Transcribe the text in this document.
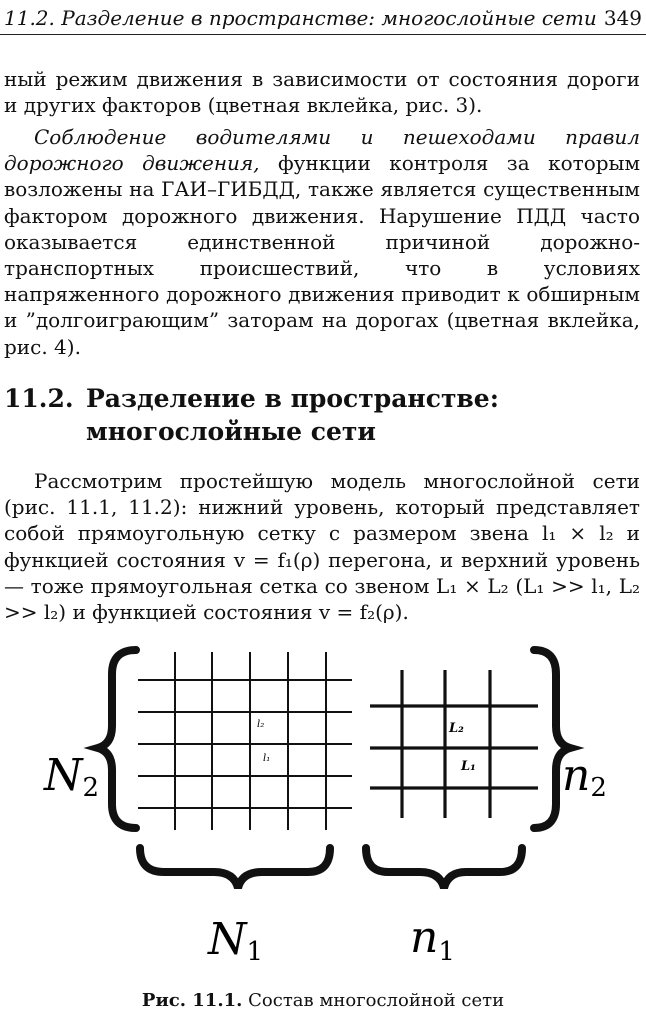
11.2. Разделение в пространстве: многослойные сети 349

ный режим движения в зависимости от состояния дороги и других факторов (цветная вклейка, рис. 3).

Соблюдение водителями и пешеходами правил дорожного движения, функции контроля за которым возложены на ГАИ–ГИБДД, также является существенным фактором дорожного движения. Нарушение ПДД часто оказывается единственной причиной дорожно-транспортных происшествий, что в условиях напряженного дорожного движения приводит к обширным и ”долгоиграющим” заторам на дорогах (цветная вклейка, рис. 4).

11.2. Разделение в пространстве:
многослойные сети

Рассмотрим простейшую модель многослойной сети (рис. 11.1, 11.2): нижний уровень, который представляет собой прямоугольную сетку с размером звена l₁ × l₂ и функцией состояния v = f₁(ρ) перегона, и верхний уровень — тоже прямоугольная сетка со звеном L₁ × L₂ (L₁ >> l₁, L₂ >> l₂) и функцией состояния v = f₂(ρ).

l₂
l₁
L₂
L₁
N2	n2
N1	n1
Рис. 11.1. Состав многослойной сети
